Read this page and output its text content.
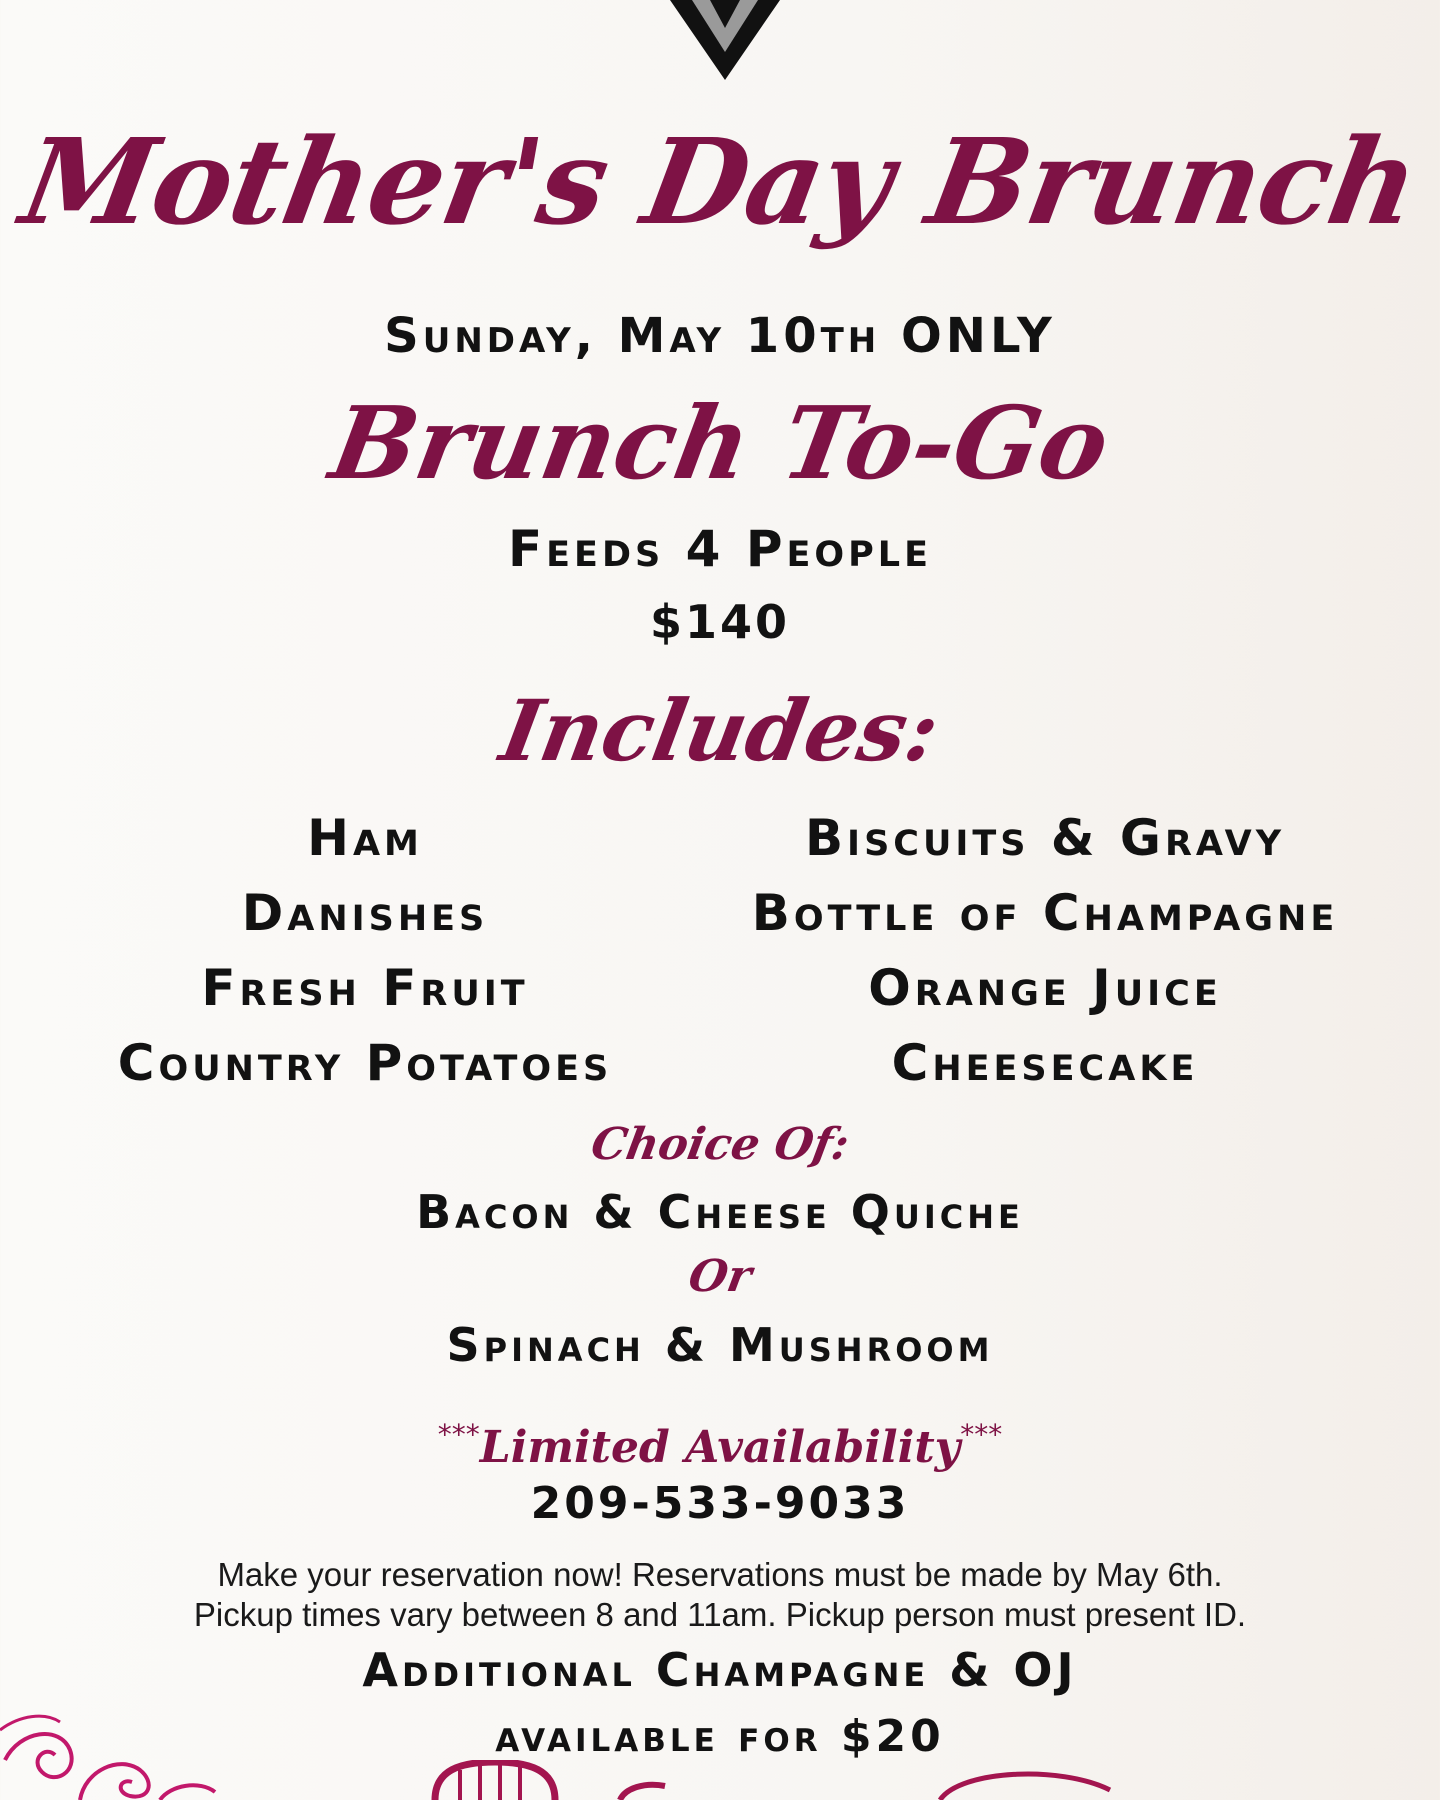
Mother's Day Brunch
Sunday, May 10th ONLY
Brunch To-Go
Feeds 4 People
$140
Includes:
Ham
Danishes
Fresh Fruit
Country Potatoes
Biscuits & Gravy
Bottle of Champagne
Orange Juice
Cheesecake
Choice Of:
Bacon & Cheese Quiche
Or
Spinach & Mushroom
***Limited Availability***
209-533-9033
Make your reservation now! Reservations must be made by May 6th.
Pickup times vary between 8 and 11am. Pickup person must present ID.
Additional Champagne & OJ
available for $20
